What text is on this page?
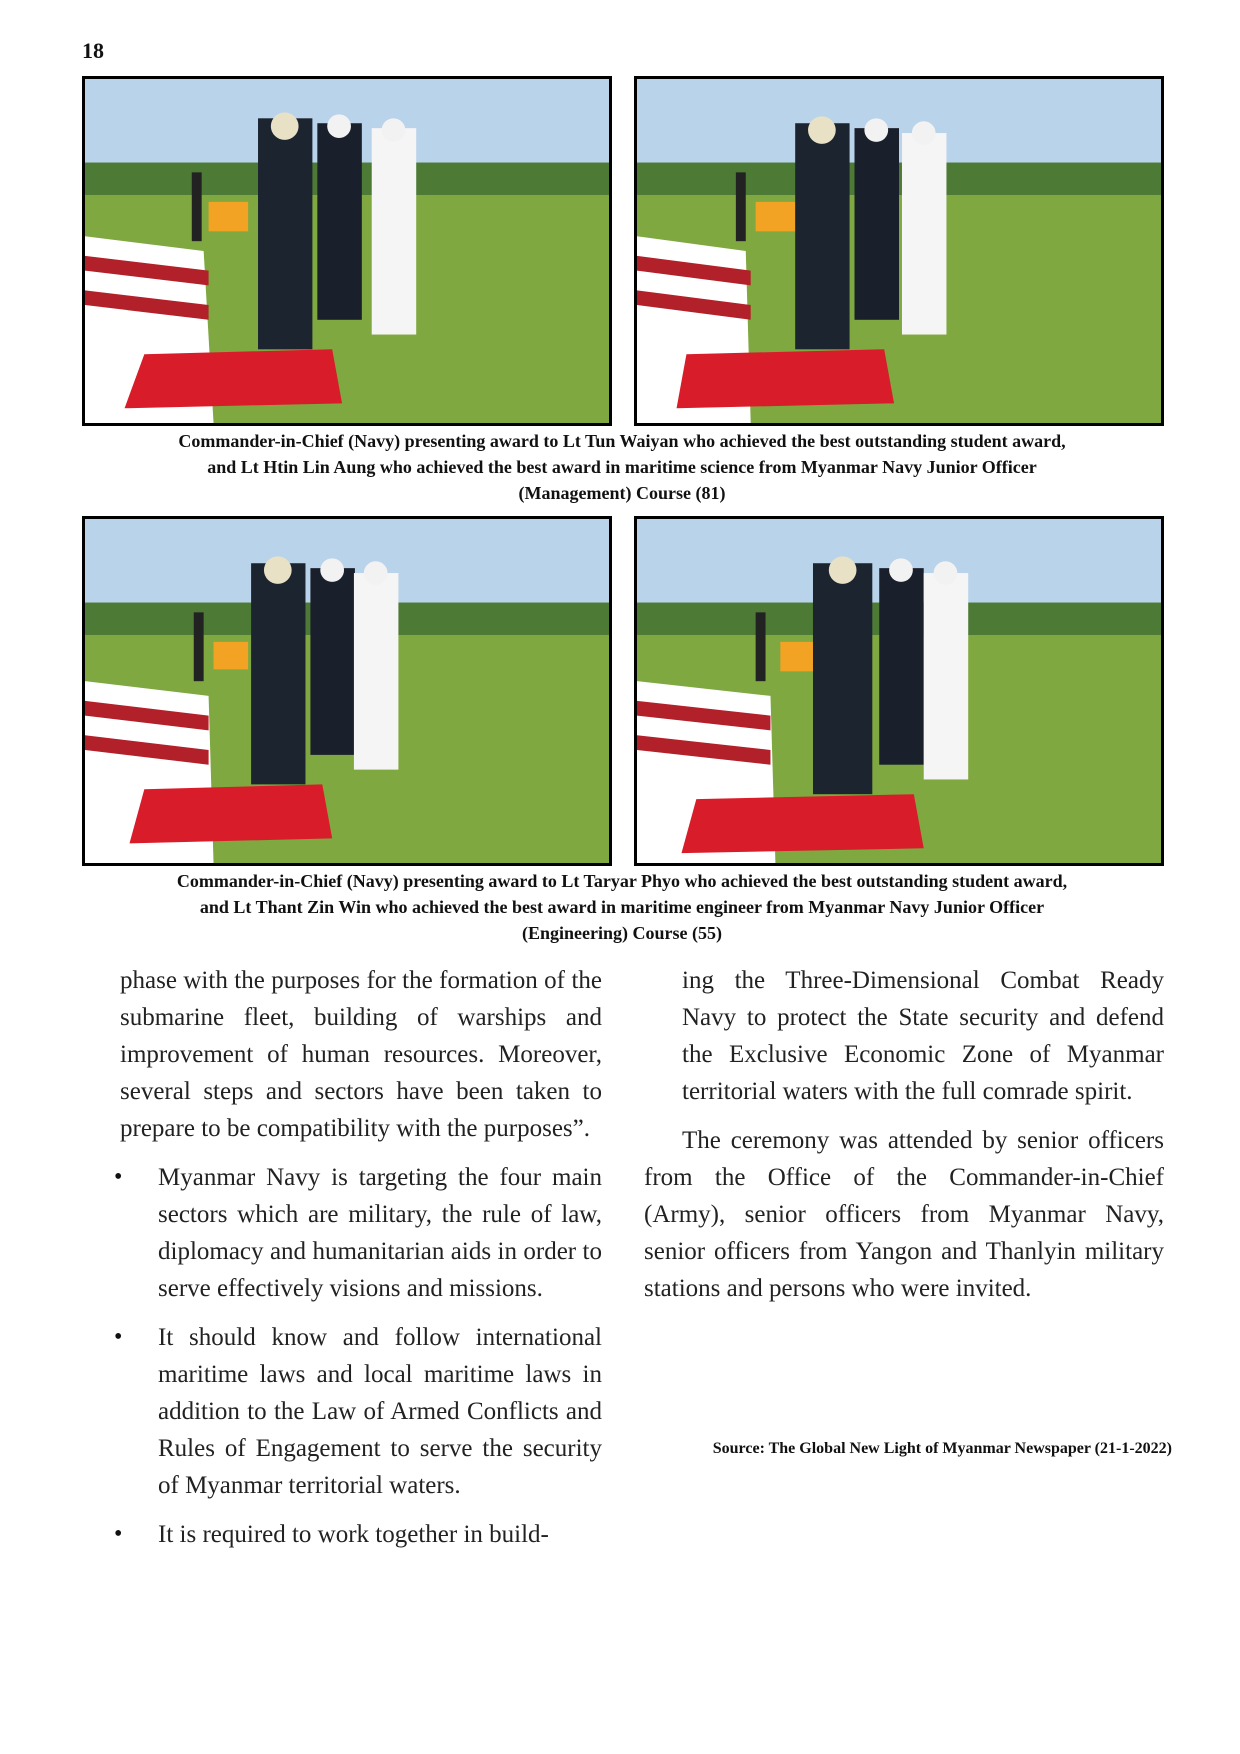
18
Commander-in-Chief (Navy) presenting award to Lt Tun Waiyan who achieved the best outstanding student award,
and Lt Htin Lin Aung who achieved the best award in maritime science from Myanmar Navy Junior Officer
(Management) Course (81)
Commander-in-Chief (Navy) presenting award to Lt Taryar Phyo who achieved the best outstanding student award,
and Lt Thant Zin Win who achieved the best award in maritime engineer from Myanmar Navy Junior Officer
(Engineering) Course (55)

phase with the purposes for the formation of the submarine fleet, building of warships and improvement of human resources. Moreover, several steps and sectors have been taken to prepare to be compatibility with the purposes”.

• Myanmar Navy is targeting the four main sectors which are military, the rule of law, diplomacy and humanitarian aids in order to serve effectively visions and missions.
• It should know and follow international maritime laws and local maritime laws in addition to the Law of Armed Conflicts and Rules of Engagement to serve the security of Myanmar territorial waters.
• It is required to work together in build-

ing the Three-Dimensional Combat Ready Navy to protect the State security and defend the Exclusive Economic Zone of Myanmar territorial waters with the full comrade spirit.

The ceremony was attended by senior officers from the Office of the Commander-in-Chief (Army), senior officers from Myanmar Navy, senior officers from Yangon and Thanlyin military stations and persons who were invited.

Source: The Global New Light of Myanmar Newspaper (21-1-2022)
